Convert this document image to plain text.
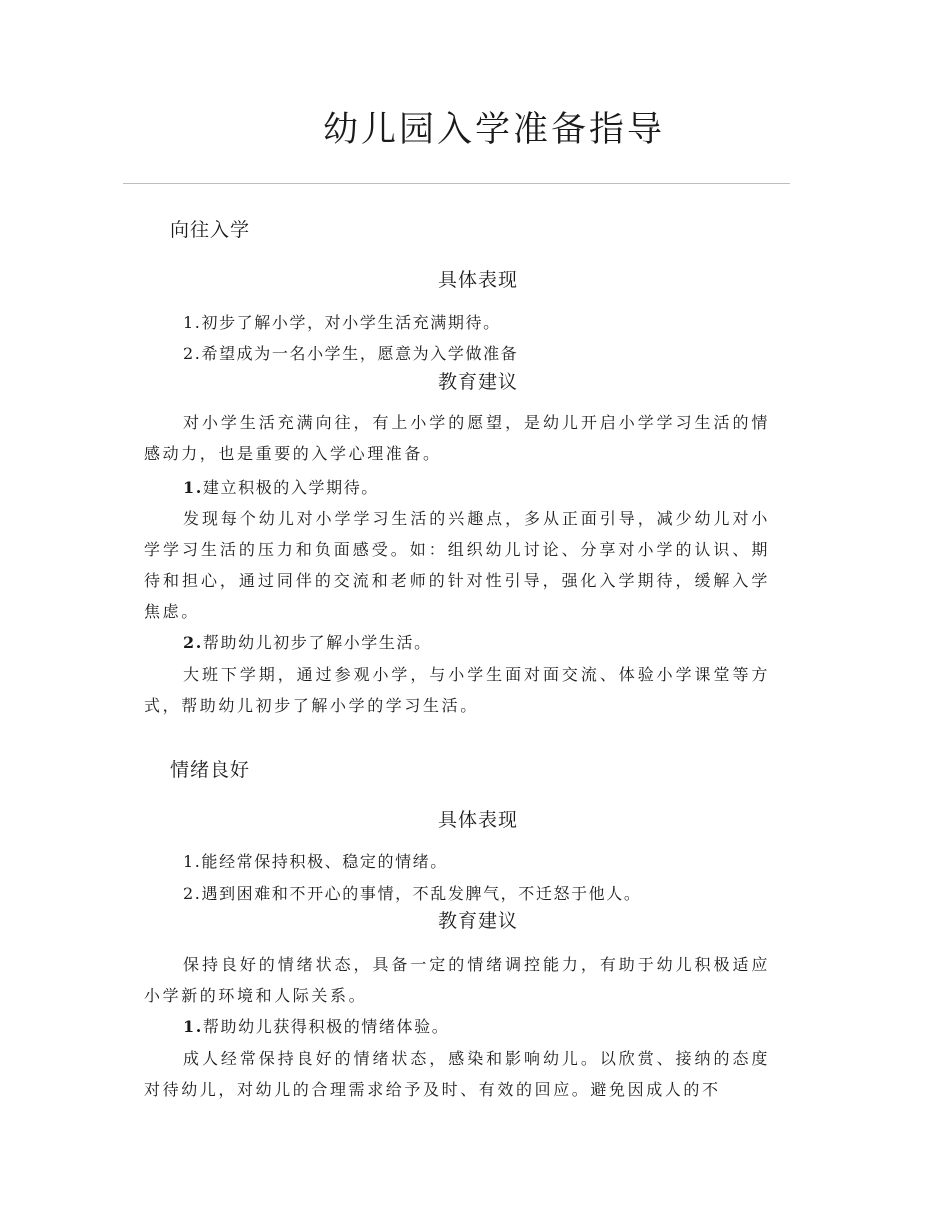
幼儿园入学准备指导
向往入学
具体表现
1.初步了解小学，对小学生活充满期待。
2.希望成为一名小学生，愿意为入学做准备
教育建议
对小学生活充满向往，有上小学的愿望，是幼儿开启小学学习生活的情感动力，也是重要的入学心理准备。
1.建立积极的入学期待。
发现每个幼儿对小学学习生活的兴趣点，多从正面引导，减少幼儿对小学学习生活的压力和负面感受。如：组织幼儿讨论、分享对小学的认识、期待和担心，通过同伴的交流和老师的针对性引导，强化入学期待，缓解入学焦虑。
2.帮助幼儿初步了解小学生活。
大班下学期，通过参观小学，与小学生面对面交流、体验小学课堂等方式，帮助幼儿初步了解小学的学习生活。
情绪良好
具体表现
1.能经常保持积极、稳定的情绪。
2.遇到困难和不开心的事情，不乱发脾气，不迁怒于他人。
教育建议
保持良好的情绪状态，具备一定的情绪调控能力，有助于幼儿积极适应小学新的环境和人际关系。
1.帮助幼儿获得积极的情绪体验。
成人经常保持良好的情绪状态，感染和影响幼儿。以欣赏、接纳的态度对待幼儿，对幼儿的合理需求给予及时、有效的回应。避免因成人的不
